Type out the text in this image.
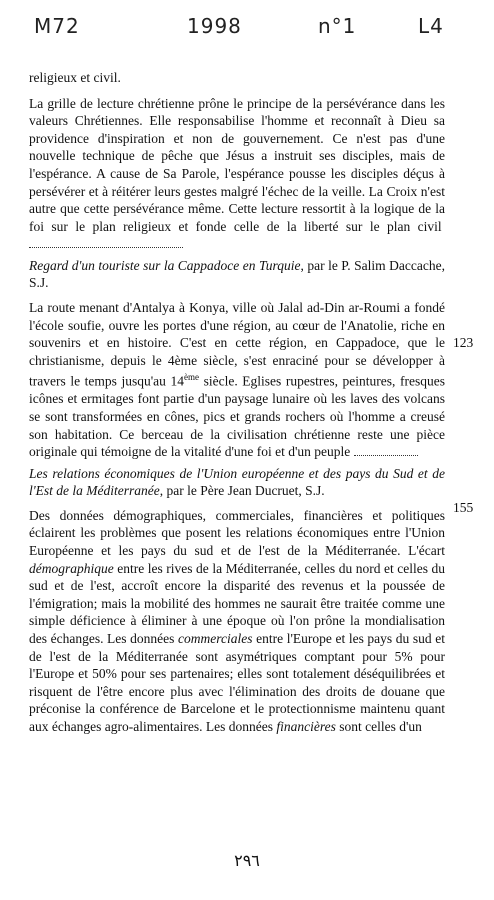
M72	1998	n°1	L4

religieux et civil.

La grille de lecture chrétienne prône le principe de la persévérance dans les valeurs Chrétiennes. Elle responsabilise l'homme et reconnaît à Dieu sa providence d'inspiration et non de gouvernement. Ce n'est pas d'une nouvelle technique de pêche que Jésus a instruit ses disciples, mais de l'espérance. A cause de Sa Parole, l'espérance pousse les disciples déçus à persévérer et à réitérer leurs gestes malgré l'échec de la veille. La Croix n'est autre que cette persévérance même. Cette lecture ressortit à la logique de la foi sur le plan religieux et fonde celle de la liberté sur le plan civil

123

Regard d'un touriste sur la Cappadoce en Turquie, par le P. Salim Daccache, S.J.

La route menant d'Antalya à Konya, ville où Jalal ad-Din ar-Roumi a fondé l'école soufie, ouvre les portes d'une région, au cœur de l'Anatolie, riche en souvenirs et en histoire. C'est en cette région, en Cappadoce, que le christianisme, depuis le 4ème siècle, s'est enraciné pour se développer à travers le temps jusqu'au 14ème siècle. Eglises rupestres, peintures, fresques icônes et ermitages font partie d'un paysage lunaire où les laves des volcans se sont transformées en cônes, pics et grands rochers où l'homme a creusé son habitation. Ce berceau de la civilisation chrétienne reste une pièce originale qui témoigne de la vitalité d'une foi et d'un peuple

155

Les relations économiques de l'Union européenne et des pays du Sud et de l'Est de la Méditerranée, par le Père Jean Ducruet, S.J.

Des données démographiques, commerciales, financières et politiques éclairent les problèmes que posent les relations économiques entre l'Union Européenne et les pays du sud et de l'est de la Méditerranée. L'écart démographique entre les rives de la Méditerranée, celles du nord et celles du sud et de l'est, accroît encore la disparité des revenus et la poussée de l'émigration; mais la mobilité des hommes ne saurait être traitée comme une simple déficience à éliminer à une époque où l'on prône la mondialisation des échanges. Les données commerciales entre l'Europe et les pays du sud et de l'est de la Méditerranée sont asymétriques comptant pour 5% pour l'Europe et 50% pour ses partenaires; elles sont totalement déséquilibrées et risquent de l'être encore plus avec l'élimination des droits de douane que préconise la conférence de Barcelone et le protectionnisme maintenu quant aux échanges agro-alimentaires. Les données financières sont celles d'un

٢٩٦
